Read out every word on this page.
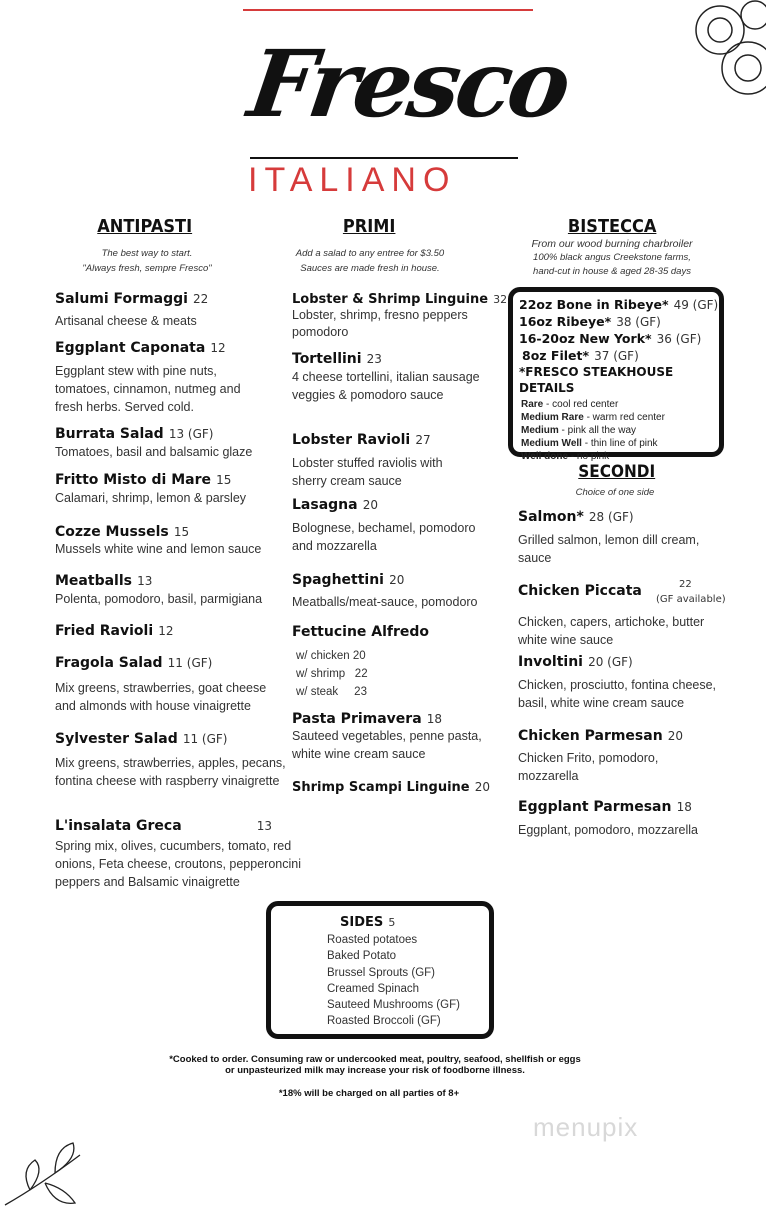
Fresco
ITALIANO
ANTIPASTI
The best way to start.
"Always fresh, sempre Fresco"
Salumi Formaggi 22
Artisanal cheese & meats
Eggplant Caponata 12
Eggplant stew with pine nuts, tomatoes, cinnamon, nutmeg and fresh herbs. Served cold.
Burrata Salad 13 (GF)
Tomatoes, basil and balsamic glaze
Fritto Misto di Mare 15
Calamari, shrimp, lemon & parsley
Cozze Mussels 15
Mussels white wine and lemon sauce
Meatballs 13
Polenta, pomodoro, basil, parmigiana
Fried Ravioli 12
Fragola Salad 11 (GF)
Mix greens, strawberries, goat cheese and almonds with house vinaigrette
Sylvester Salad 11 (GF)
Mix greens, strawberries, apples, pecans, fontina cheese with raspberry vinaigrette
L'insalata Greca	13
Spring mix, olives, cucumbers, tomato, red onions, Feta cheese, croutons, pepperoncini peppers and Balsamic vinaigrette
PRIMI
Add a salad to any entree for $3.50
Sauces are made fresh in house.
Lobster & Shrimp Linguine 32
Lobster, shrimp, fresno peppers pomodoro
Tortellini 23
4 cheese tortellini, italian sausage veggies & pomodoro sauce
Lobster Ravioli 27
Lobster stuffed raviolis with sherry cream sauce
Lasagna 20
Bolognese, bechamel, pomodoro and mozzarella
Spaghettini 20
Meatballs/meat-sauce, pomodoro
Fettucine Alfredo
w/ chicken 20
w/ shrimp 22
w/ steak 23
Pasta Primavera 18
Sauteed vegetables, penne pasta, white wine cream sauce
Shrimp Scampi Linguine 20
BISTECCA
From our wood burning charbroiler
100% black angus Creekstone farms,
hand-cut in house & aged 28-35 days
22oz Bone in Ribeye* 49 (GF)
16oz Ribeye* 38 (GF)
16-20oz New York* 36 (GF)
8oz Filet* 37 (GF)
*FRESCO STEAKHOUSE DETAILS
Rare - cool red center
Medium Rare - warm red center
Medium - pink all the way
Medium Well - thin line of pink
Well done - no pink
SECONDI
Choice of one side
Salmon* 28 (GF)
Grilled salmon, lemon dill cream, sauce
Chicken Piccata
Chicken, capers, artichoke, butter white wine sauce
22
(GF available)
Involtini 20 (GF)
Chicken, prosciutto, fontina cheese, basil, white wine cream sauce
Chicken Parmesan 20
Chicken Frito, pomodoro, mozzarella
Eggplant Parmesan 18
Eggplant, pomodoro, mozzarella
SIDES 5
Roasted potatoes
Baked Potato
Brussel Sprouts (GF)
Creamed Spinach
Sauteed Mushrooms (GF)
Roasted Broccoli (GF)
*Cooked to order. Consuming raw or undercooked meat, poultry, seafood, shellfish or eggs
or unpasteurized milk may increase your risk of foodborne illness.
*18% will be charged on all parties of 8+
menupix
